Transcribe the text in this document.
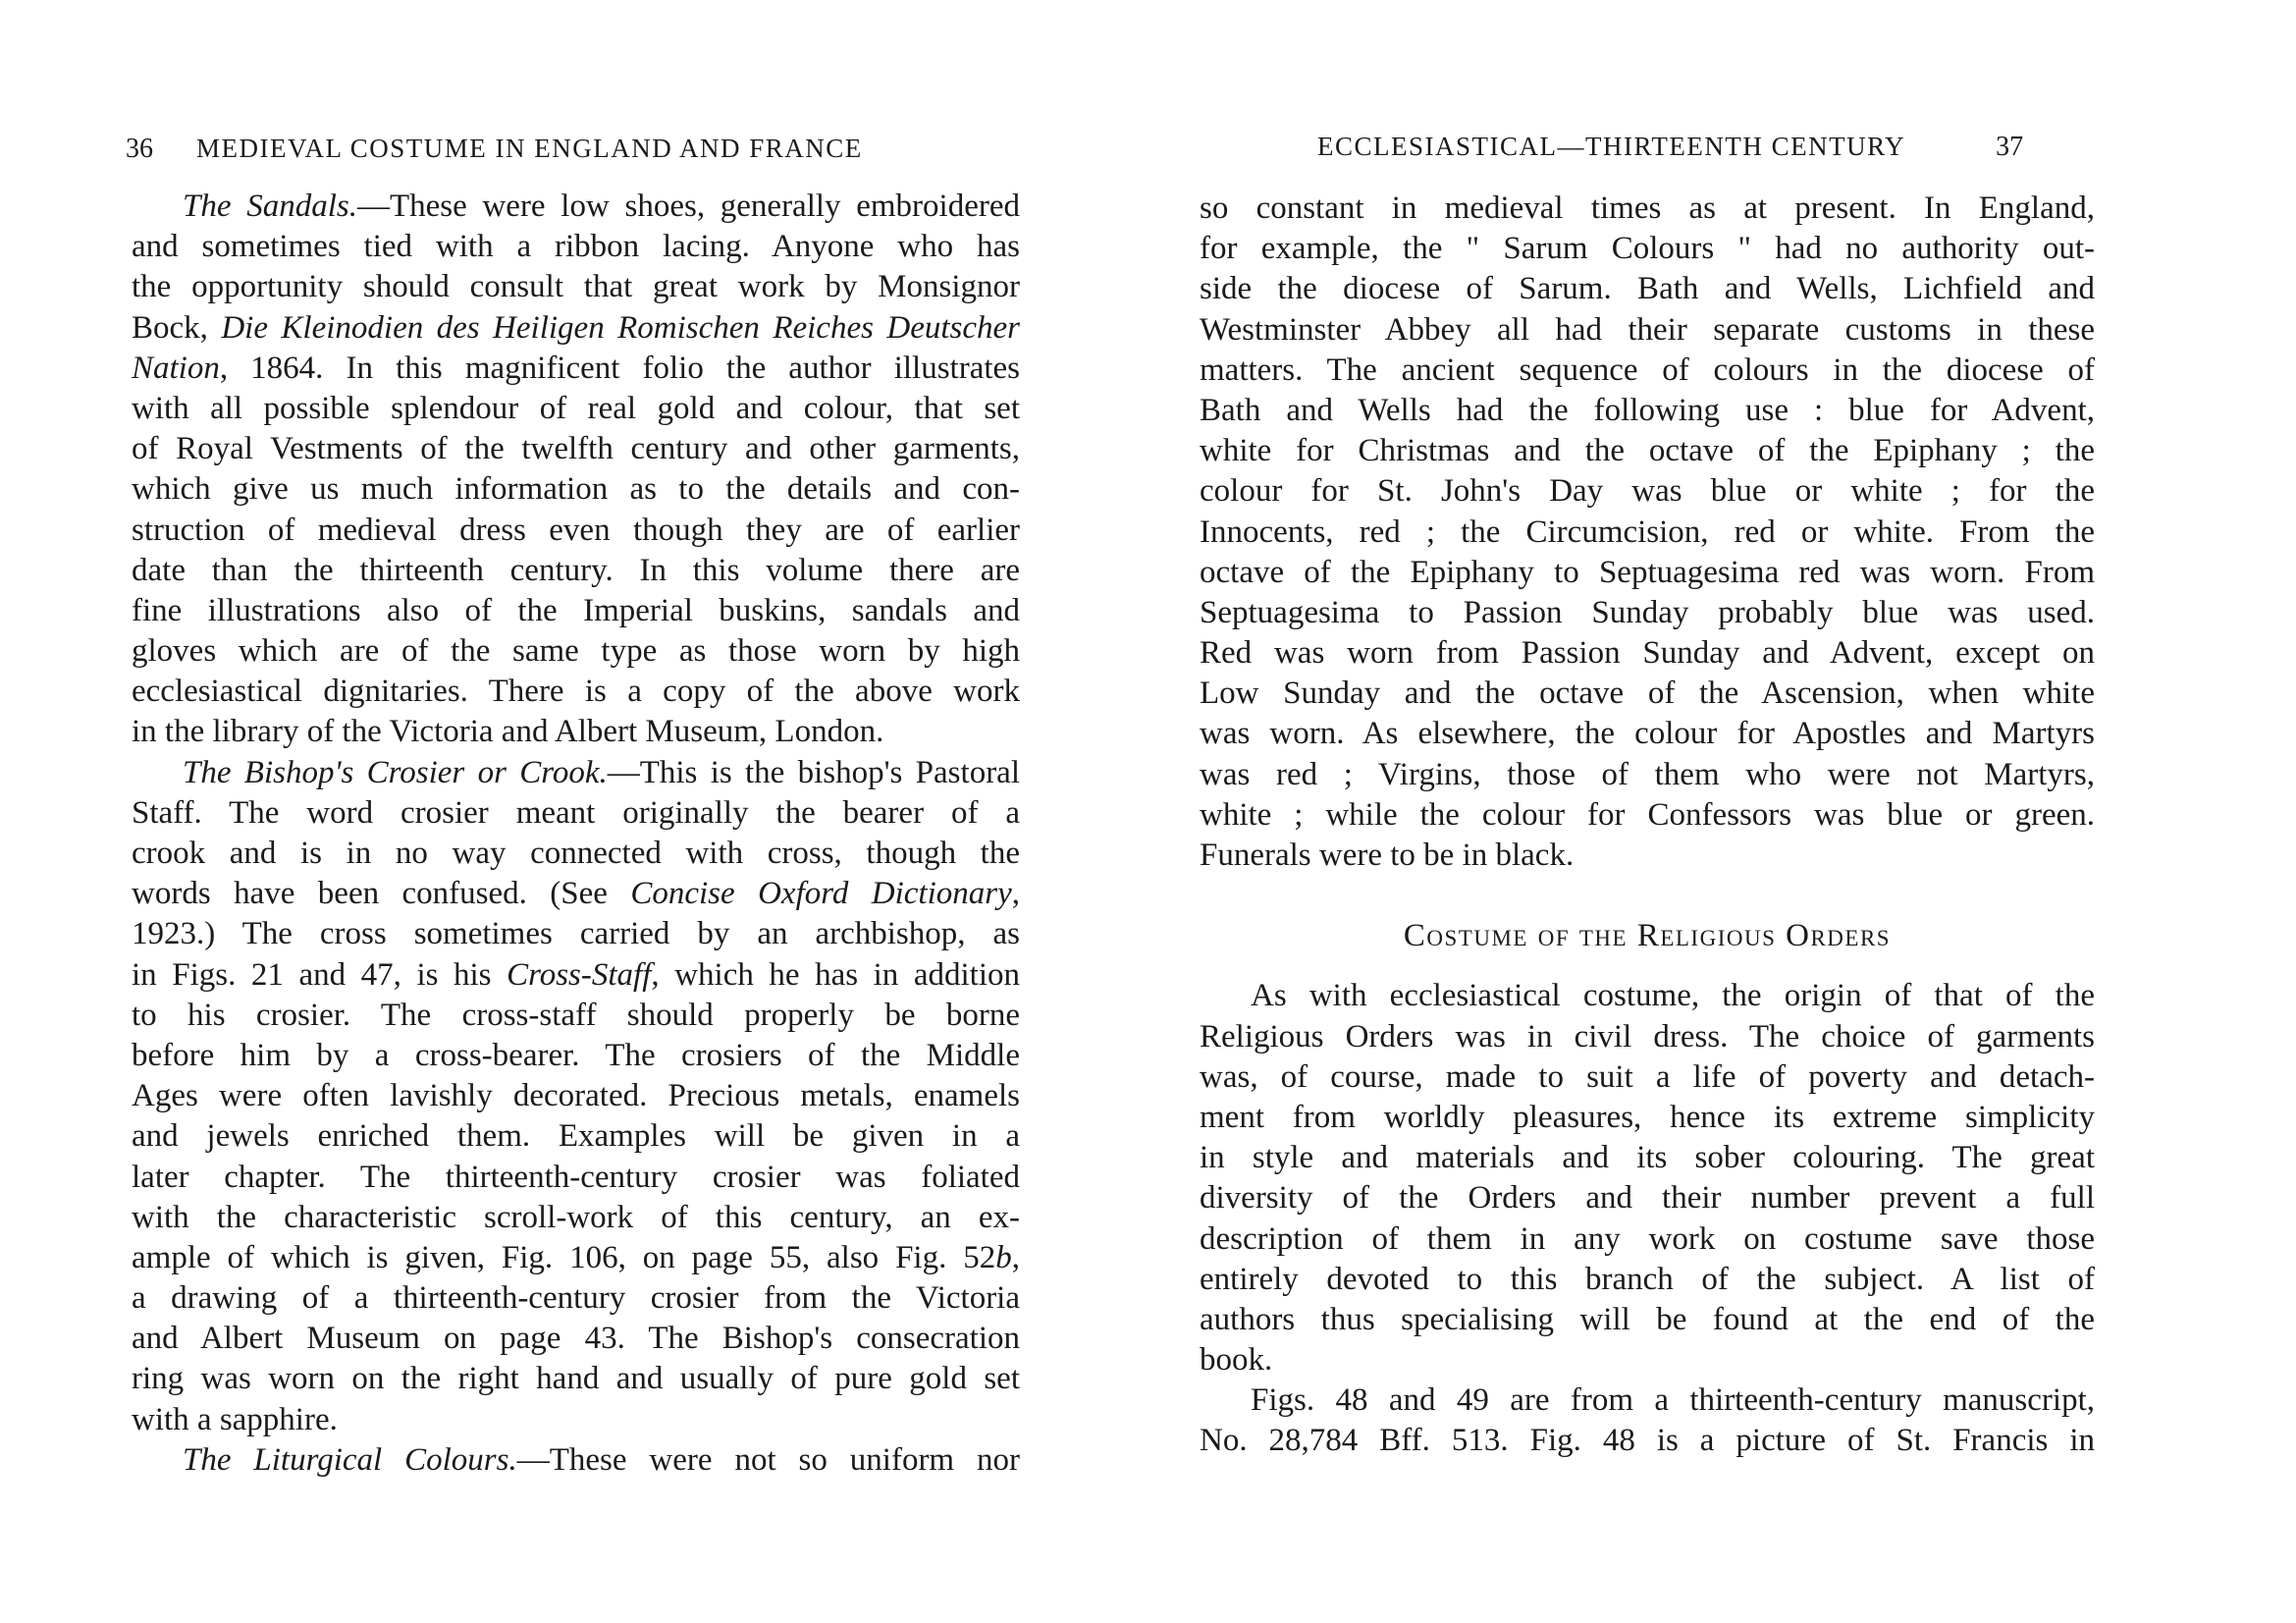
36 MEDIEVAL COSTUME IN ENGLAND AND FRANCE
The Sandals.—These were low shoes, generally embroidered
and sometimes tied with a ribbon lacing. Anyone who has
the opportunity should consult that great work by Monsignor
Bock, Die Kleinodien des Heiligen Romischen Reiches Deutscher
Nation, 1864. In this magnificent folio the author illustrates
with all possible splendour of real gold and colour, that set
of Royal Vestments of the twelfth century and other garments,
which give us much information as to the details and con-
struction of medieval dress even though they are of earlier
date than the thirteenth century. In this volume there are
fine illustrations also of the Imperial buskins, sandals and
gloves which are of the same type as those worn by high
ecclesiastical dignitaries. There is a copy of the above work
in the library of the Victoria and Albert Museum, London.
The Bishop's Crosier or Crook.—This is the bishop's Pastoral
Staff. The word crosier meant originally the bearer of a
crook and is in no way connected with cross, though the
words have been confused. (See Concise Oxford Dictionary,
1923.) The cross sometimes carried by an archbishop, as
in Figs. 21 and 47, is his Cross-Staff, which he has in addition
to his crosier. The cross-staff should properly be borne
before him by a cross-bearer. The crosiers of the Middle
Ages were often lavishly decorated. Precious metals, enamels
and jewels enriched them. Examples will be given in a
later chapter. The thirteenth-century crosier was foliated
with the characteristic scroll-work of this century, an ex-
ample of which is given, Fig. 106, on page 55, also Fig. 52b,
a drawing of a thirteenth-century crosier from the Victoria
and Albert Museum on page 43. The Bishop's consecration
ring was worn on the right hand and usually of pure gold set
with a sapphire.
The Liturgical Colours.—These were not so uniform nor
ECCLESIASTICAL—THIRTEENTH CENTURY	37
so constant in medieval times as at present. In England,
for example, the " Sarum Colours " had no authority out-
side the diocese of Sarum. Bath and Wells, Lichfield and
Westminster Abbey all had their separate customs in these
matters. The ancient sequence of colours in the diocese of
Bath and Wells had the following use : blue for Advent,
white for Christmas and the octave of the Epiphany ; the
colour for St. John's Day was blue or white ; for the
Innocents, red ; the Circumcision, red or white. From the
octave of the Epiphany to Septuagesima red was worn. From
Septuagesima to Passion Sunday probably blue was used.
Red was worn from Passion Sunday and Advent, except on
Low Sunday and the octave of the Ascension, when white
was worn. As elsewhere, the colour for Apostles and Martyrs
was red ; Virgins, those of them who were not Martyrs,
white ; while the colour for Confessors was blue or green.
Funerals were to be in black.
Costume of the Religious Orders
As with ecclesiastical costume, the origin of that of the
Religious Orders was in civil dress. The choice of garments
was, of course, made to suit a life of poverty and detach-
ment from worldly pleasures, hence its extreme simplicity
in style and materials and its sober colouring. The great
diversity of the Orders and their number prevent a full
description of them in any work on costume save those
entirely devoted to this branch of the subject. A list of
authors thus specialising will be found at the end of the
book.
Figs. 48 and 49 are from a thirteenth-century manuscript,
No. 28,784 Bff. 513. Fig. 48 is a picture of St. Francis in
